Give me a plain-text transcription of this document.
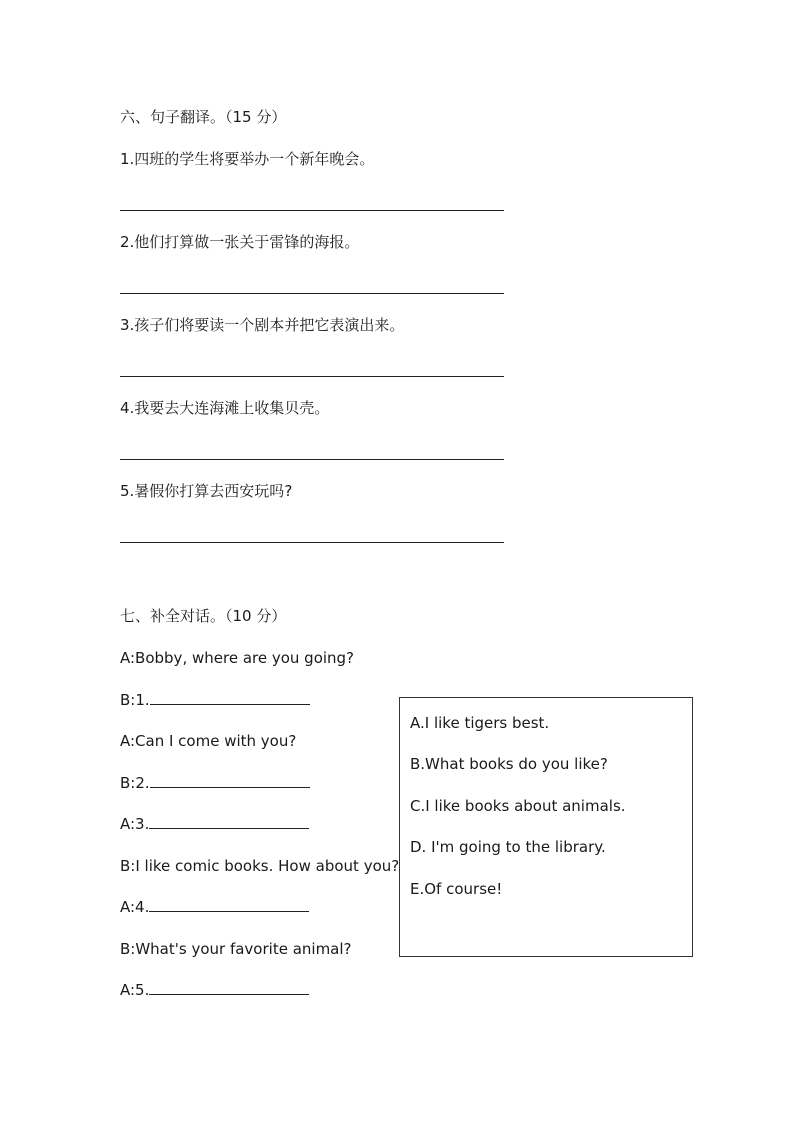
六、句子翻译。（15 分）
1.四班的学生将要举办一个新年晚会。
2.他们打算做一张关于雷锋的海报。
3.孩子们将要读一个剧本并把它表演出来。
4.我要去大连海滩上收集贝壳。
5.暑假你打算去西安玩吗?
七、补全对话。（10 分）
A:Bobby, where are you going?
B:1.
A:Can I come with you?
B:2.
A:3.
B:I like comic books. How about you?
A:4.
B:What's your favorite animal?
A:5.
A.I like tigers best.
B.What books do you like?
C.I like books about animals.
D. I'm going to the library.
E.Of course!
